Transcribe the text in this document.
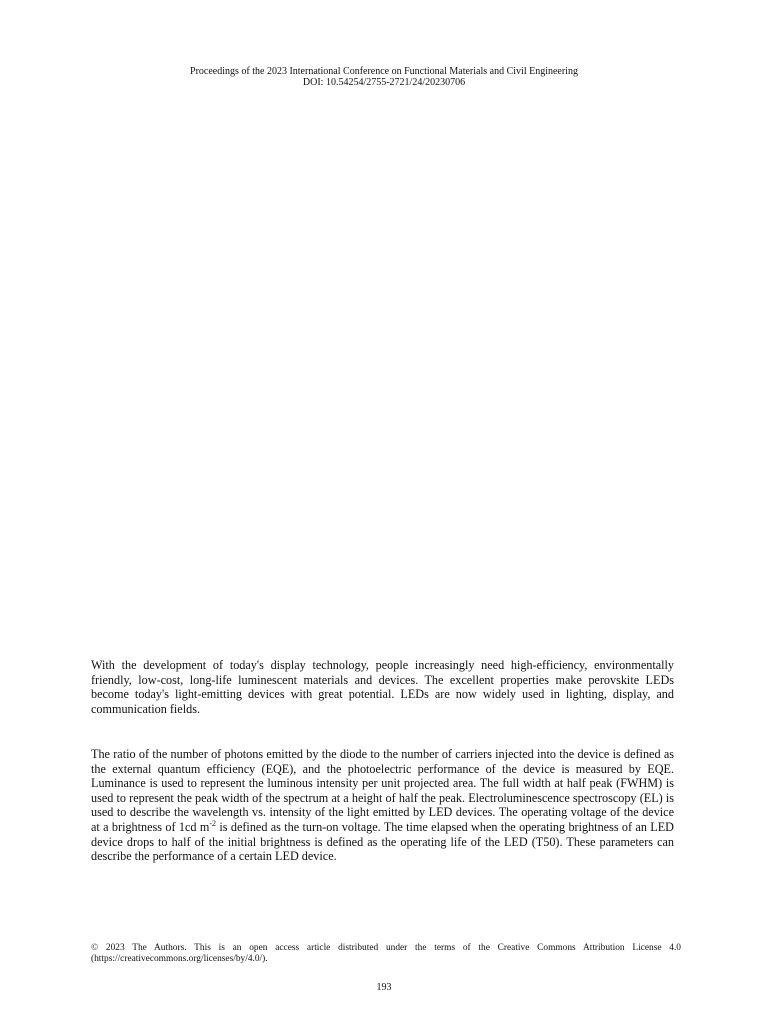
Proceedings of the 2023 International Conference on Functional Materials and Civil Engineering
DOI: 10.54254/2755-2721/24/20230706

With the development of today's display technology, people increasingly need high-efficiency, environmentally friendly, low-cost, long-life luminescent materials and devices. The excellent properties make perovskite LEDs become today's light-emitting devices with great potential. LEDs are now widely used in lighting, display, and communication fields.

The ratio of the number of photons emitted by the diode to the number of carriers injected into the device is defined as the external quantum efficiency (EQE), and the photoelectric performance of the device is measured by EQE. Luminance is used to represent the luminous intensity per unit projected area. The full width at half peak (FWHM) is used to represent the peak width of the spectrum at a height of half the peak. Electroluminescence spectroscopy (EL) is used to describe the wavelength vs. intensity of the light emitted by LED devices. The operating voltage of the device at a brightness of 1cd $m^{-2}$ is defined as the turn-on voltage. The time elapsed when the operating brightness of an LED device drops to half of the initial brightness is defined as the operating life of the LED (T50). These parameters can describe the performance of a certain LED device.

© 2023 The Authors. This is an open access article distributed under the terms of the Creative Commons Attribution License 4.0 (https://creativecommons.org/licenses/by/4.0/).

193
